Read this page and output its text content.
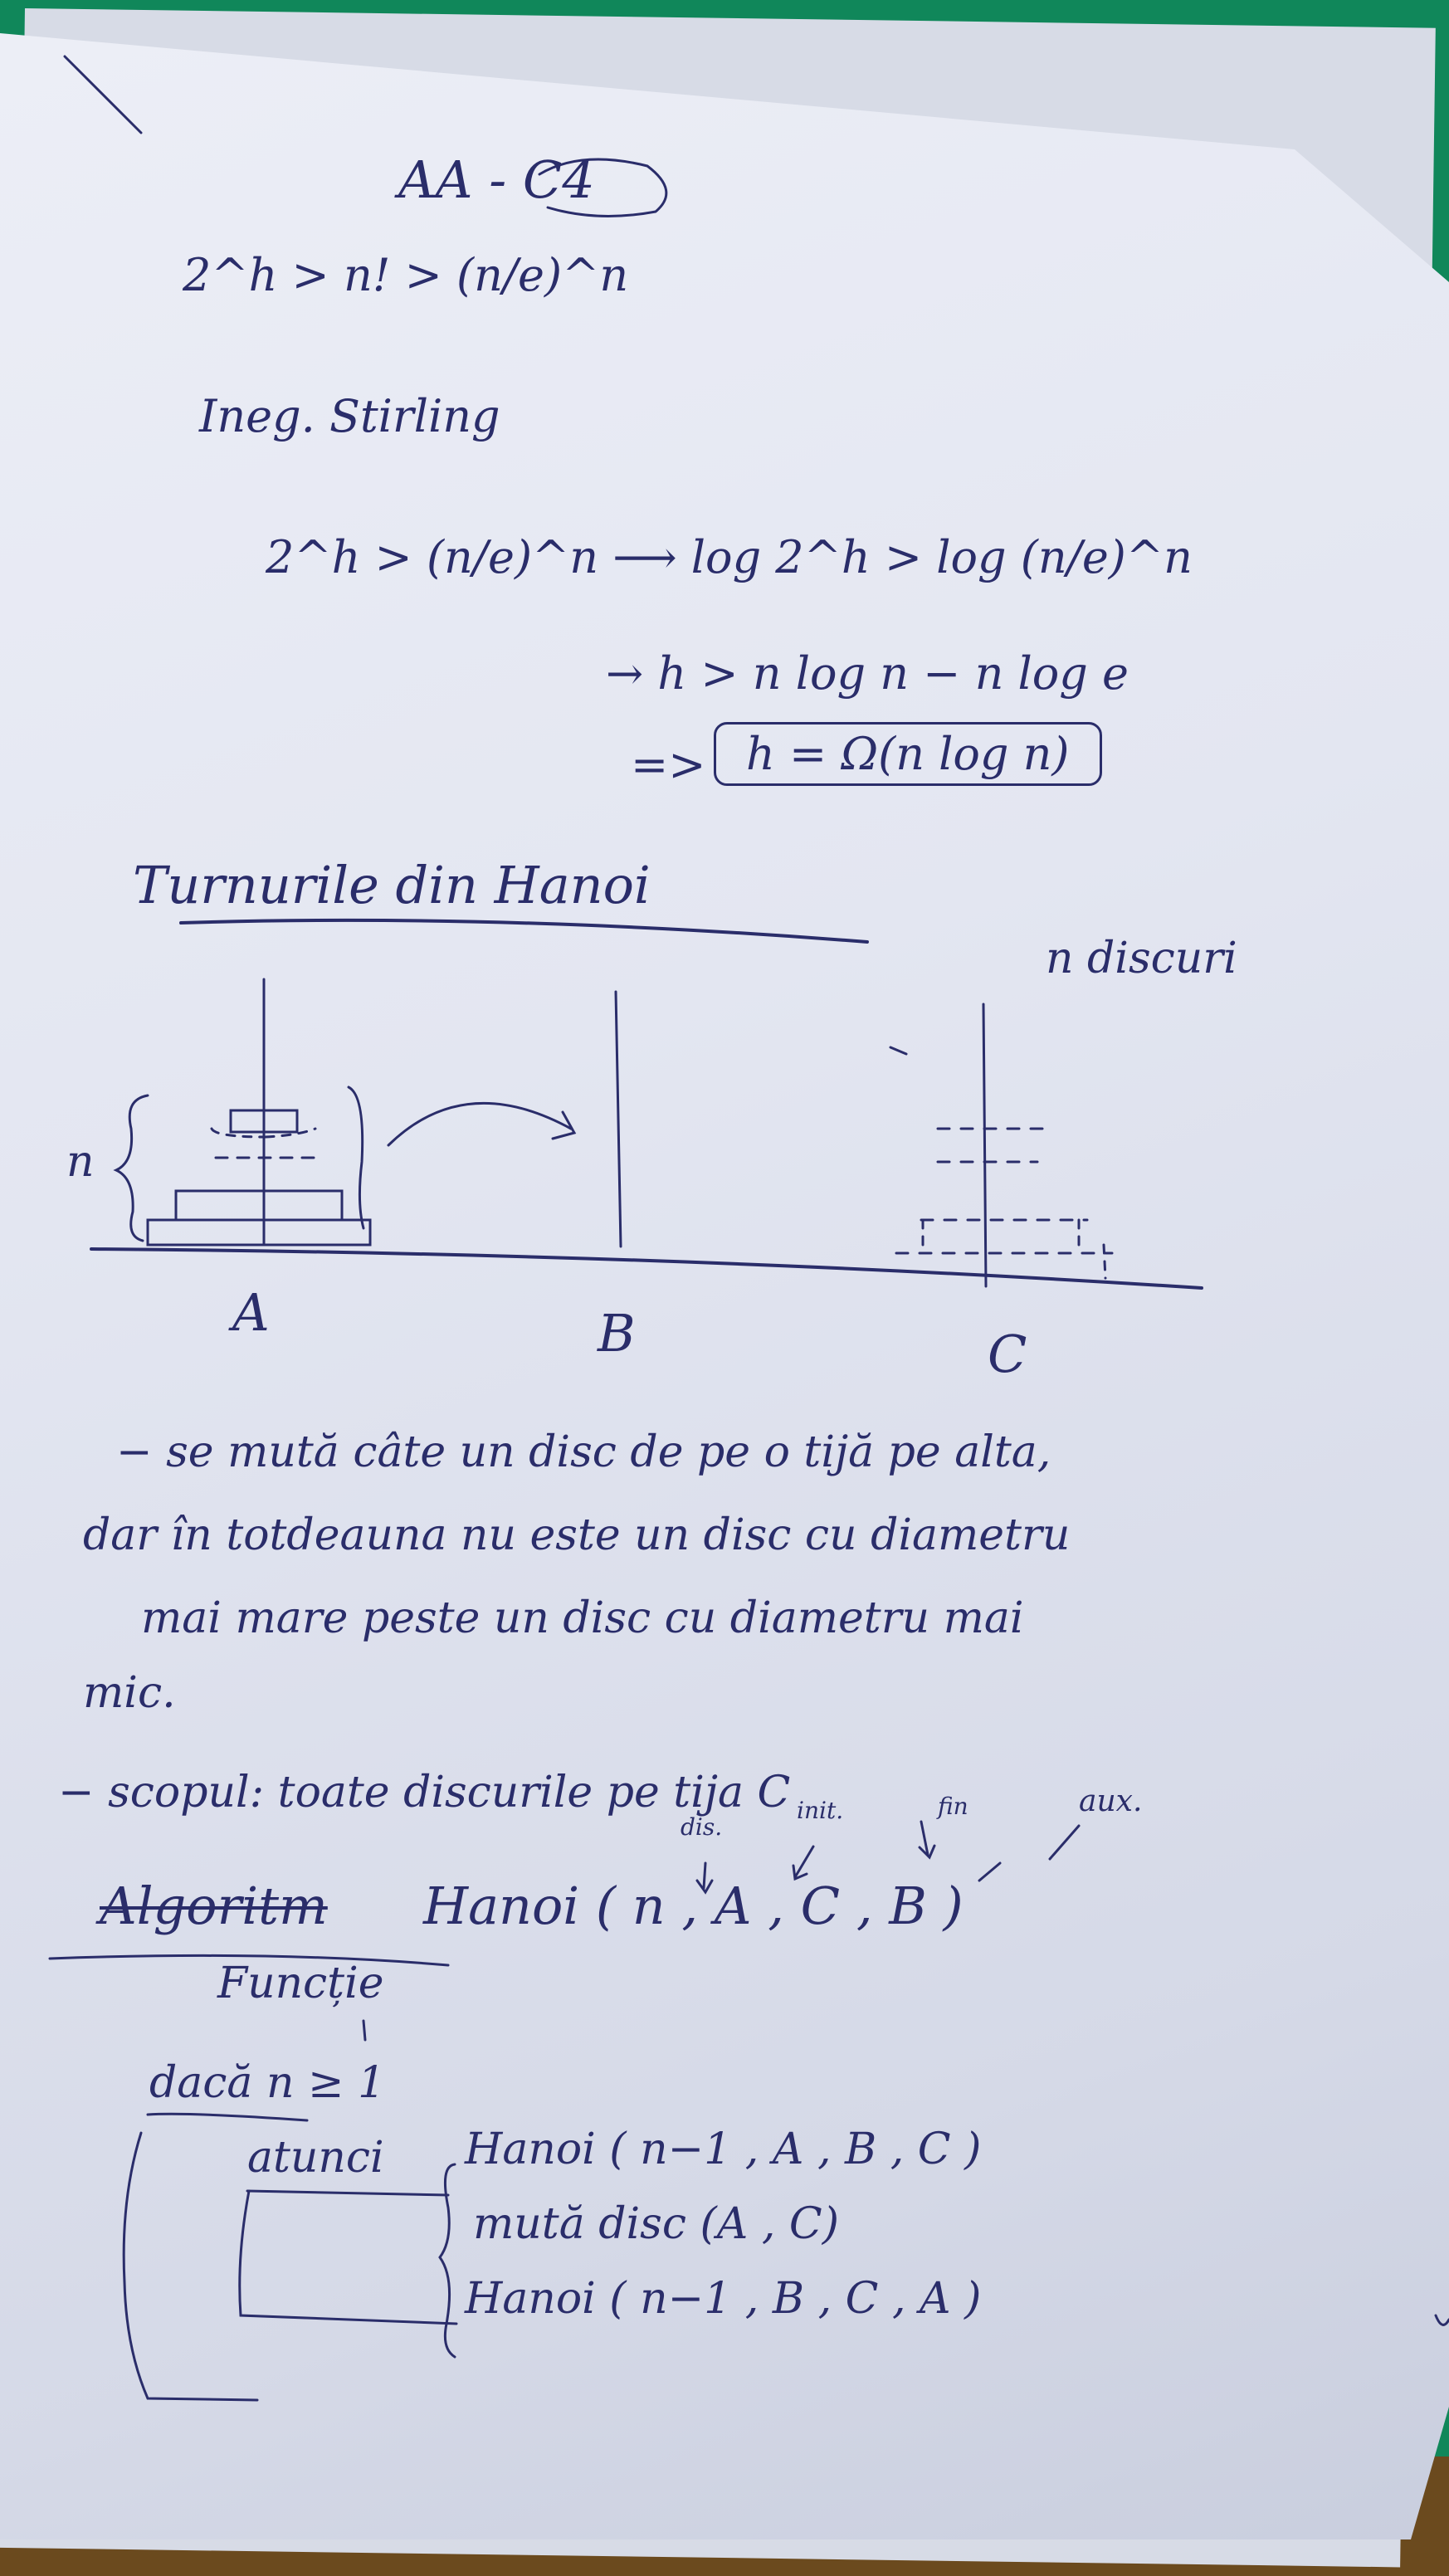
AA - C4
2^h > n! > (n/e)^n
Ineg. Stirling
2^h > (n/e)^n ⟶ log 2^h > log (n/e)^n
→ h > n log n − n log e
=> h = Ω(n log n)
Turnurile din Hanoi
n discuri
n
A	B	C
− se mută câte un disc de pe o tijă pe alta,
dar în totdeauna nu este un disc cu diametru
mai mare peste un disc cu diametru mai
mic.
− scopul: toate discurile pe tija C
dis.
init.	fin	aux.
Algoritm Hanoi ( n , A , C , B )
Funcție
dacă n ≥ 1
atunci Hanoi ( n−1 , A , B , C )
mută disc (A , C)
Hanoi ( n−1 , B , C , A )
